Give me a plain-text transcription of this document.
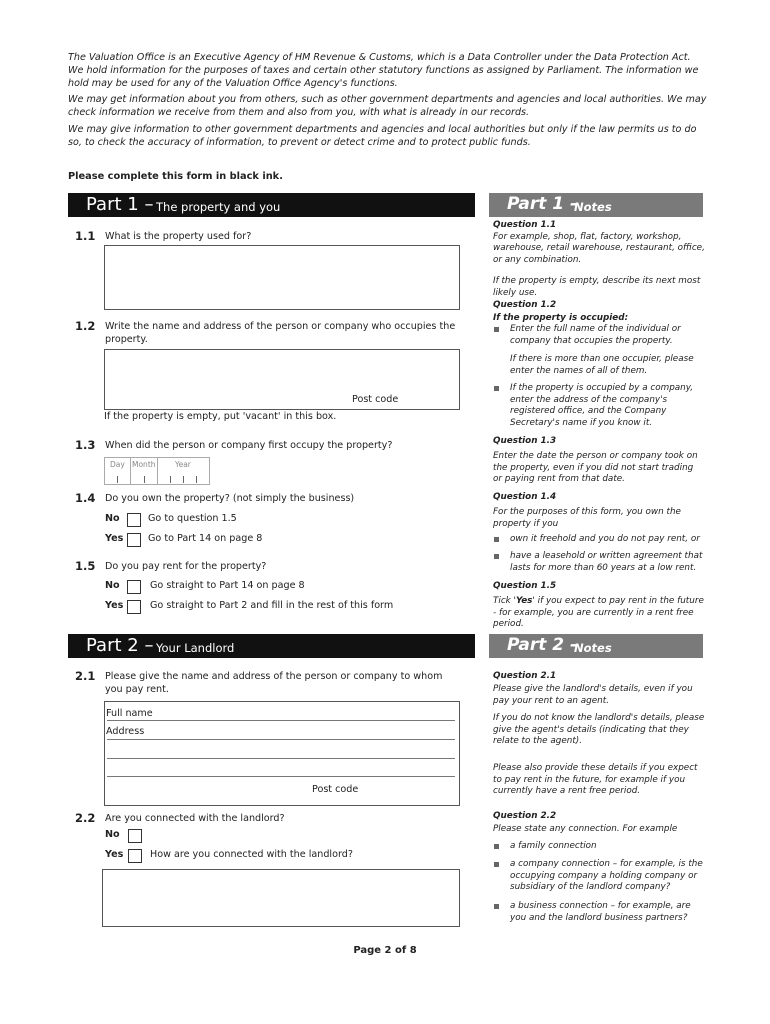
The Valuation Office is an Executive Agency of HM Revenue & Customs, which is a Data Controller under the Data Protection Act. We hold information for the purposes of taxes and certain other statutory functions as assigned by Parliament. The information we hold may be used for any of the Valuation Office Agency's functions.

We may get information about you from others, such as other government departments and agencies and local authorities. We may check information we receive from them and also from you, with what is already in our records.

We may give information to other government departments and agencies and local authorities but only if the law permits us to do so, to check the accuracy of information, to prevent or detect crime and to protect public funds.

Please complete this form in black ink.
Part 1 – The property and you	Part 1 -
Notes
1.1 What is the property used for?
1.2 Write the name and address of the person or company who occupies the property.
Post code
If the property is empty, put 'vacant' in this box.
1.3 When did the person or company first occupy the property?
Day Month	Year
1.4 Do you own the property? (not simply the business)
No	Go to question 1.5
Yes	Go to Part 14 on page 8
1.5 Do you pay rent for the property?
No	Go straight to Part 14 on page 8
Yes	Go straight to Part 2 and fill in the rest of this form
Question 1.1
For example, shop, flat, factory, workshop, warehouse, retail warehouse, restaurant, office, or any combination.
If the property is empty, describe its next most likely use.
Question 1.2
If the property is occupied:
Enter the full name of the individual or company that occupies the property.
If there is more than one occupier, please enter the names of all of them.
If the property is occupied by a company, enter the address of the company's registered office, and the Company Secretary's name if you know it.
Question 1.3
Enter the date the person or company took on the property, even if you did not start trading or paying rent from that date.
Question 1.4
For the purposes of this form, you own the property if you
own it freehold and you do not pay rent, or
have a leasehold or written agreement that lasts for more than 60 years at a low rent.
Question 1.5
Tick 'Yes' if you expect to pay rent in the future - for example, you are currently in a rent free period.
Part 2 – Your Landlord	Part 2 -
Notes
2.1 Please give the name and address of the person or company to whom you pay rent.
Full name
Address
Post code
2.2 Are you connected with the landlord?
No
Yes	How are you connected with the landlord?
Question 2.1
Please give the landlord's details, even if you pay your rent to an agent.
If you do not know the landlord's details, please give the agent's details (indicating that they relate to the agent).
Please also provide these details if you expect to pay rent in the future, for example if you currently have a rent free period.
Question 2.2
Please state any connection. For example
a family connection
a company connection – for example, is the occupying company a holding company or subsidiary of the landlord company?
a business connection – for example, are you and the landlord business partners?
Page 2 of 8
